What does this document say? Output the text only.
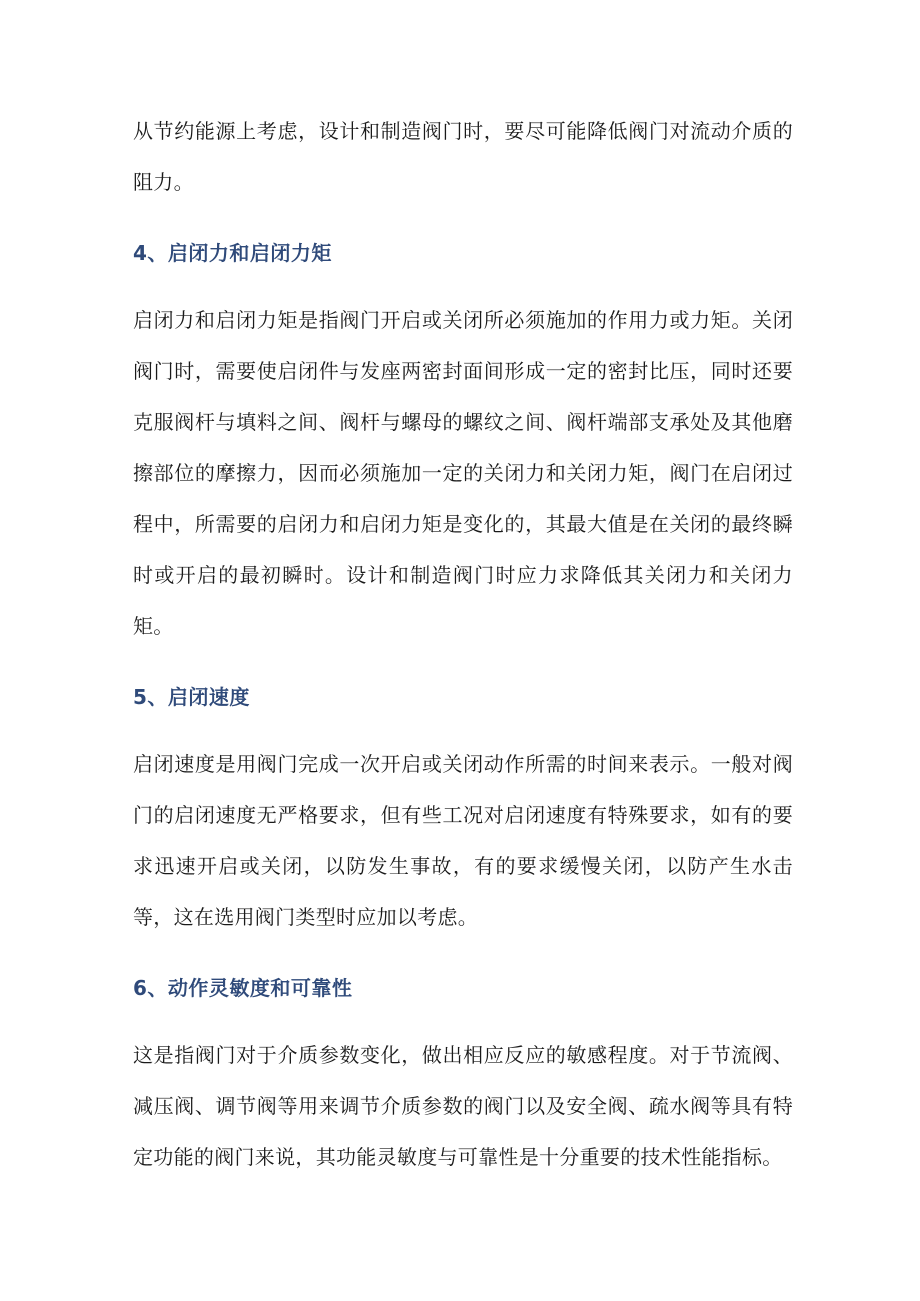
从节约能源上考虑，设计和制造阀门时，要尽可能降低阀门对流动介质的阻力。

4、启闭力和启闭力矩

启闭力和启闭力矩是指阀门开启或关闭所必须施加的作用力或力矩。关闭阀门时，需要使启闭件与发座两密封面间形成一定的密封比压，同时还要克服阀杆与填料之间、阀杆与螺母的螺纹之间、阀杆端部支承处及其他磨擦部位的摩擦力，因而必须施加一定的关闭力和关闭力矩，阀门在启闭过程中，所需要的启闭力和启闭力矩是变化的，其最大值是在关闭的最终瞬时或开启的最初瞬时。设计和制造阀门时应力求降低其关闭力和关闭力矩。

5、启闭速度

启闭速度是用阀门完成一次开启或关闭动作所需的时间来表示。一般对阀门的启闭速度无严格要求，但有些工况对启闭速度有特殊要求，如有的要求迅速开启或关闭，以防发生事故，有的要求缓慢关闭，以防产生水击等，这在选用阀门类型时应加以考虑。

6、动作灵敏度和可靠性

这是指阀门对于介质参数变化，做出相应反应的敏感程度。对于节流阀、减压阀、调节阀等用来调节介质参数的阀门以及安全阀、疏水阀等具有特定功能的阀门来说，其功能灵敏度与可靠性是十分重要的技术性能指标。
